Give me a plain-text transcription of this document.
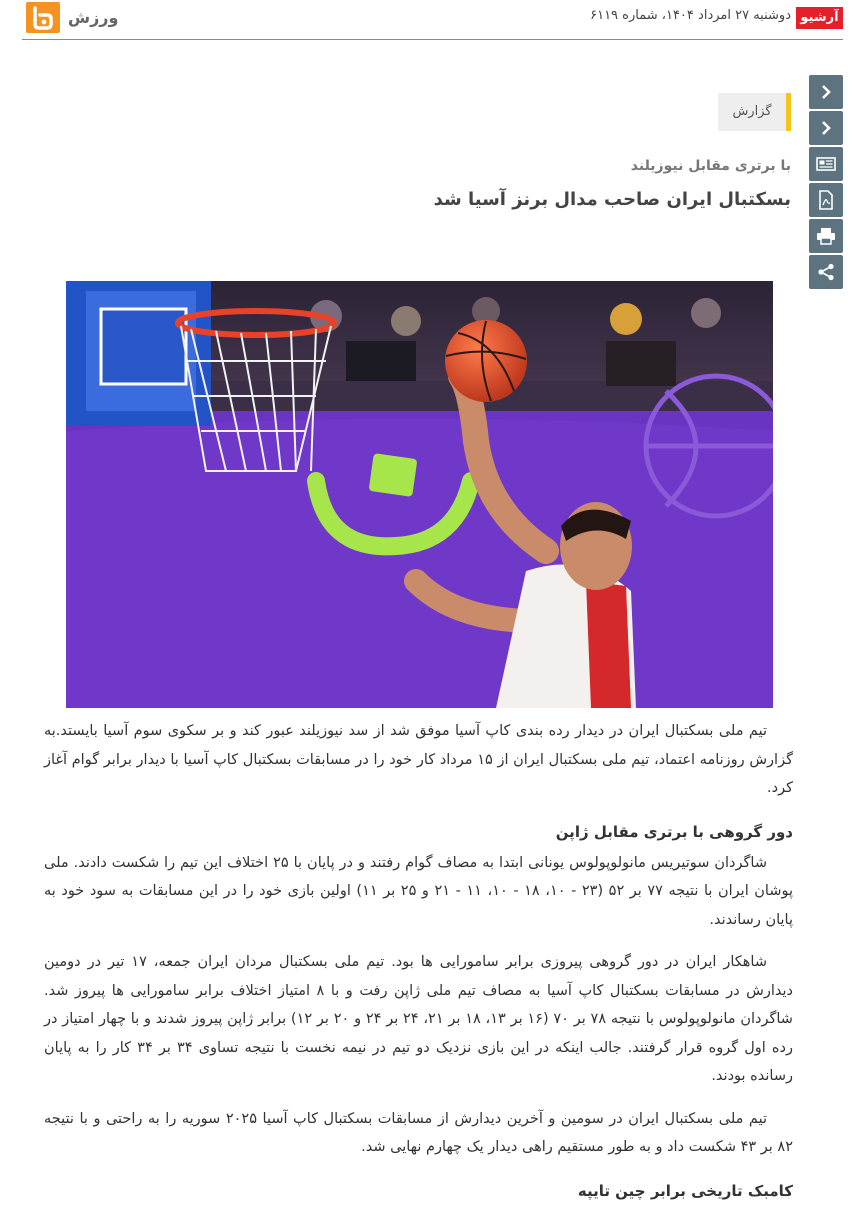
ورزش	دوشنبه ۲۷ امرداد ۱۴۰۴، شماره ۶۱۱۹ آرشیو
گزارش
با برتری مقابل نیوزیلند
بسکتبال ایران صاحب مدال برنز آسیا شد

تیم ملی بسکتبال ایران در دیدار رده بندی کاپ آسیا موفق شد از سد نیوزیلند عبور کند و بر سکوی سوم آسیا بایستد.به گزارش روزنامه اعتماد، تیم ملی بسکتبال ایران از ۱۵ مرداد کار خود را در مسابقات بسکتبال کاپ آسیا با دیدار برابر گوام آغاز کرد.

دور گروهی با برتری مقابل ژاپن

شاگردان سوتیریس مانولوپولوس یونانی ابتدا به مصاف گوام رفتند و در پایان با ۲۵ اختلاف این تیم را شکست دادند. ملی پوشان ایران با نتیجه ۷۷ بر ۵۲ (۲۳ - ۱۰، ۱۸ - ۱۰، ۱۱ - ۲۱ و ۲۵ بر ۱۱) اولین بازی خود را در این مسابقات به سود خود به پایان رساندند.

شاهکار ایران در دور گروهی پیروزی برابر سامورایی ها بود. تیم ملی بسکتبال مردان ایران جمعه، ۱۷ تیر در دومین دیدارش در مسابقات بسکتبال کاپ آسیا به مصاف تیم ملی ژاپن رفت و با ۸ امتیاز اختلاف برابر سامورایی ها پیروز شد. شاگردان مانولوپولوس با نتیجه ۷۸ بر ۷۰ (۱۶ بر ۱۳، ۱۸ بر ۲۱، ۲۴ بر ۲۴ و ۲۰ بر ۱۲) برابر ژاپن پیروز شدند و با چهار امتیاز در رده اول گروه قرار گرفتند. جالب اینکه در این بازی نزدیک دو تیم در نیمه نخست با نتیجه تساوی ۳۴ بر ۳۴ کار را به پایان رسانده بودند.

تیم ملی بسکتبال ایران در سومین و آخرین دیدارش از مسابقات بسکتبال کاپ آسیا ۲۰۲۵ سوریه را به راحتی و با نتیجه ۸۲ بر ۴۳ شکست داد و به طور مستقیم راهی دیدار یک چهارم نهایی شد.

کامبک تاریخی برابر چین تایپه
